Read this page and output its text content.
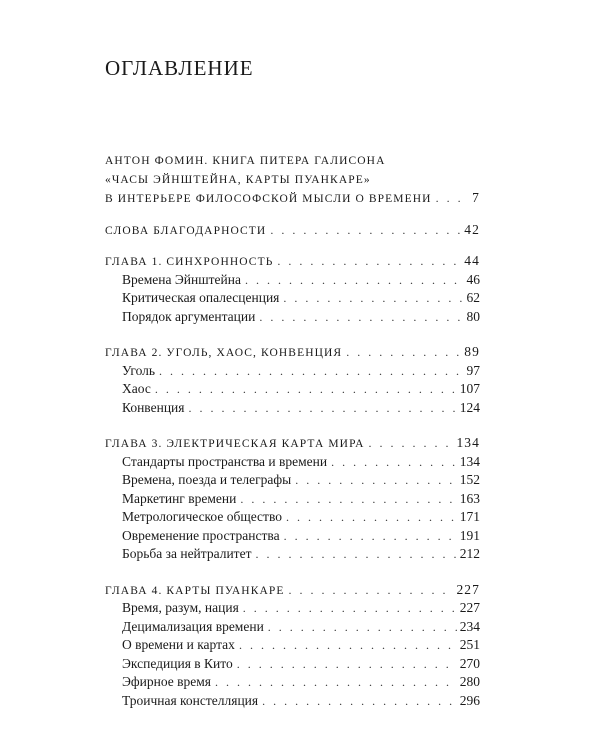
ОГЛАВЛЕНИЕ
АНТОН ФОМИН. КНИГА ПИТЕРА ГАЛИСОНА
«ЧАСЫ ЭЙНШТЕЙНА, КАРТЫ ПУАНКАРЕ»
В ИНТЕРЬЕРЕ ФИЛОСОФСКОЙ МЫСЛИ О ВРЕМЕНИ . . .	7
СЛОВА БЛАГОДАРНОСТИ . . .	42
ГЛАВА 1. СИНХРОННОСТЬ . . .	44
Времена Эйнштейна . . .	46
Критическая опалесценция . . .	62
Порядок аргументации . . .	80
ГЛАВА 2. УГОЛЬ, ХАОС, КОНВЕНЦИЯ . . .	89
Уголь . . .	97
Хаос . . .	107
Конвенция . . .	124
ГЛАВА 3. ЭЛЕКТРИЧЕСКАЯ КАРТА МИРА . . .	134
Стандарты пространства и времени . . .	134
Времена, поезда и телеграфы . . .	152
Маркетинг времени . . .	163
Метрологическое общество . . .	171
Овременение пространства . . .	191
Борьба за нейтралитет . . .	212
ГЛАВА 4. КАРТЫ ПУАНКАРЕ . . .	227
Время, разум, нация . . .	227
Децимализация времени . . .	234
О времени и картах . . .	251
Экспедиция в Кито . . .	270
Эфирное время . . .	280
Троичная констелляция . . .	296
